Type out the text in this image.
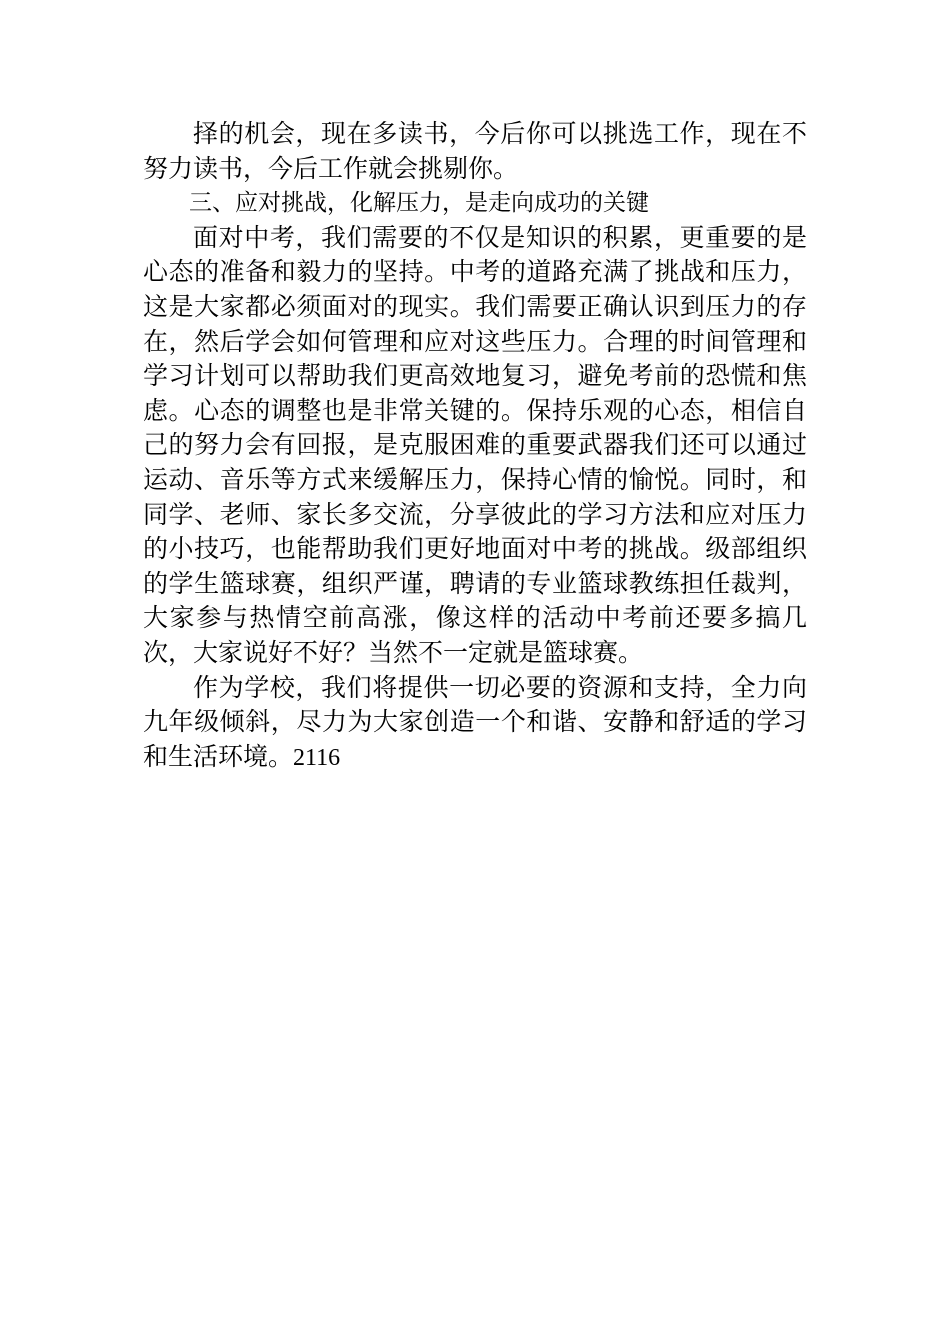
择的机会，现在多读书，今后你可以挑选工作，现在不努力读书，今后工作就会挑剔你。

三、应对挑战，化解压力，是走向成功的关键

面对中考，我们需要的不仅是知识的积累，更重要的是心态的准备和毅力的坚持。中考的道路充满了挑战和压力，这是大家都必须面对的现实。我们需要正确认识到压力的存在，然后学会如何管理和应对这些压力。合理的时间管理和学习计划可以帮助我们更高效地复习，避免考前的恐慌和焦虑。心态的调整也是非常关键的。保持乐观的心态，相信自己的努力会有回报，是克服困难的重要武器我们还可以通过运动、音乐等方式来缓解压力，保持心情的愉悦。同时，和同学、老师、家长多交流，分享彼此的学习方法和应对压力的小技巧，也能帮助我们更好地面对中考的挑战。级部组织的学生篮球赛，组织严谨，聘请的专业篮球教练担任裁判，大家参与热情空前高涨，像这样的活动中考前还要多搞几次，大家说好不好？当然不一定就是篮球赛。

作为学校，我们将提供一切必要的资源和支持，全力向九年级倾斜，尽力为大家创造一个和谐、安静和舒适的学习和生活环境。2116
